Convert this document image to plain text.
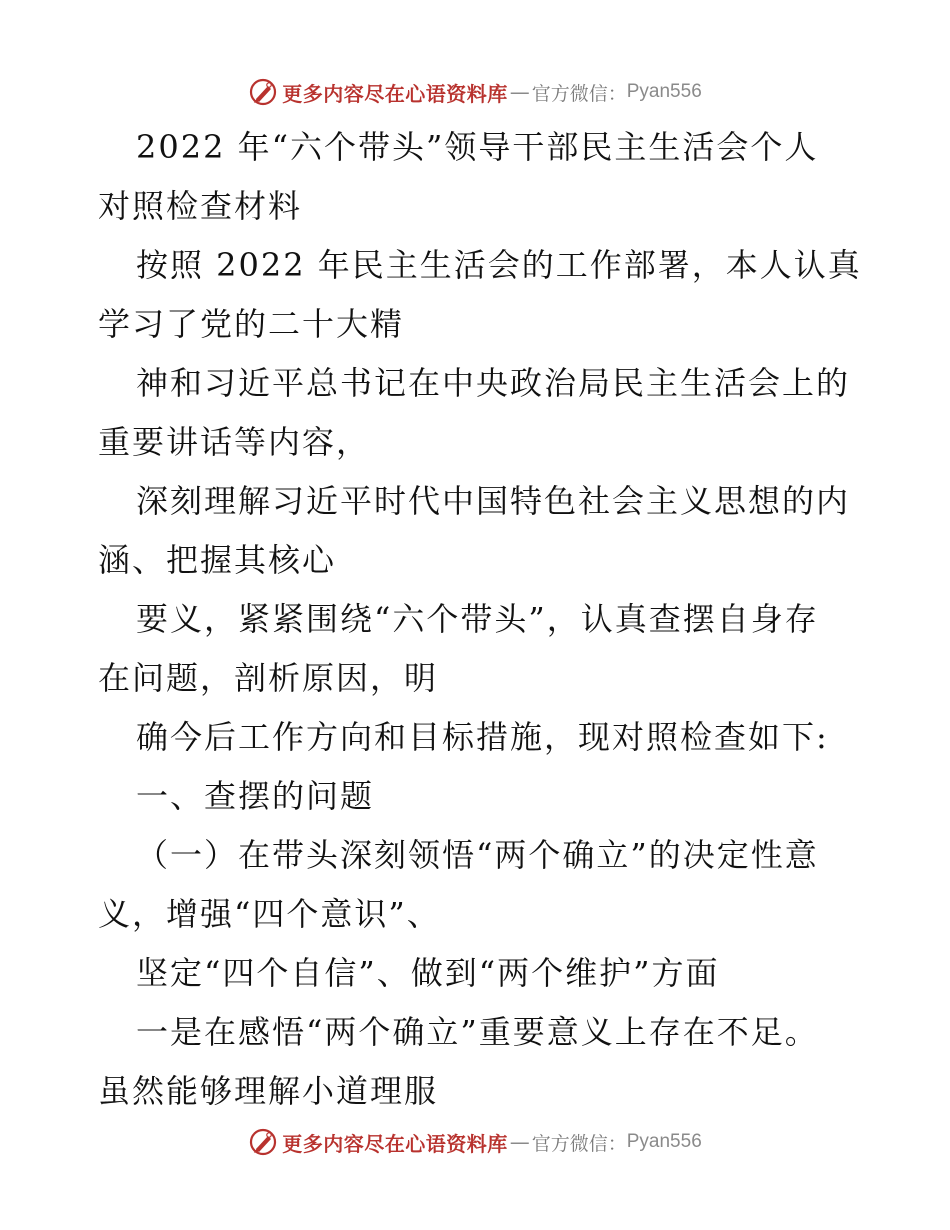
更多内容尽在心语资料库 — 官方微信： Pyan556
2022 年“六个带头”领导干部民主生活会个人
对照检查材料
按照 2022 年民主生活会的工作部署，本人认真
学习了党的二十大精
神和习近平总书记在中央政治局民主生活会上的
重要讲话等内容，
深刻理解习近平时代中国特色社会主义思想的内
涵、把握其核心
要义，紧紧围绕“六个带头”，认真查摆自身存
在问题，剖析原因，明
确今后工作方向和目标措施，现对照检查如下:
一、查摆的问题
（一）在带头深刻领悟“两个确立”的决定性意
义，增强“四个意识”、
坚定“四个自信”、做到“两个维护”方面
一是在感悟“两个确立”重要意义上存在不足。
虽然能够理解小道理服
更多内容尽在心语资料库 — 官方微信： Pyan556
